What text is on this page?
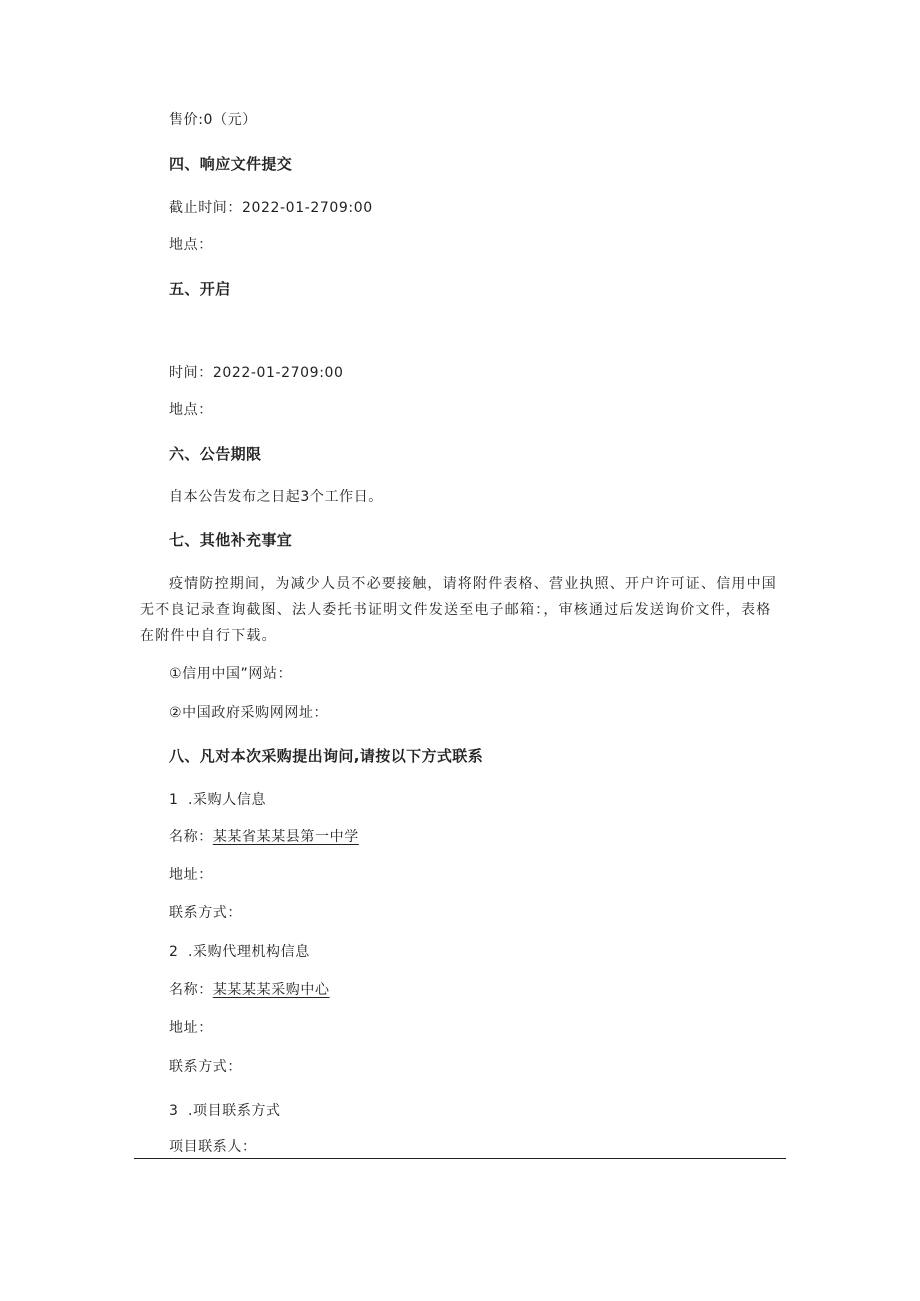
售价:0（元）
四、响应文件提交
截止时间：2022-01-2709:00
地点：
五、开启
时间：2022-01-2709:00
地点：
六、公告期限
自本公告发布之日起3个工作日。
七、其他补充事宜
疫情防控期间，为减少人员不必要接触，请将附件表格、营业执照、开户许可证、信用中国无不良记录查询截图、法人委托书证明文件发送至电子邮箱：，审核通过后发送询价文件，表格在附件中自行下载。
①信用中国”网站：
②中国政府采购网网址：
八、凡对本次采购提出询问,请按以下方式联系
1 .采购人信息
名称：某某省某某县第一中学
地址：
联系方式：
2 .采购代理机构信息
名称：某某某某采购中心
地址：
联系方式：
3 .项目联系方式
项目联系人：
